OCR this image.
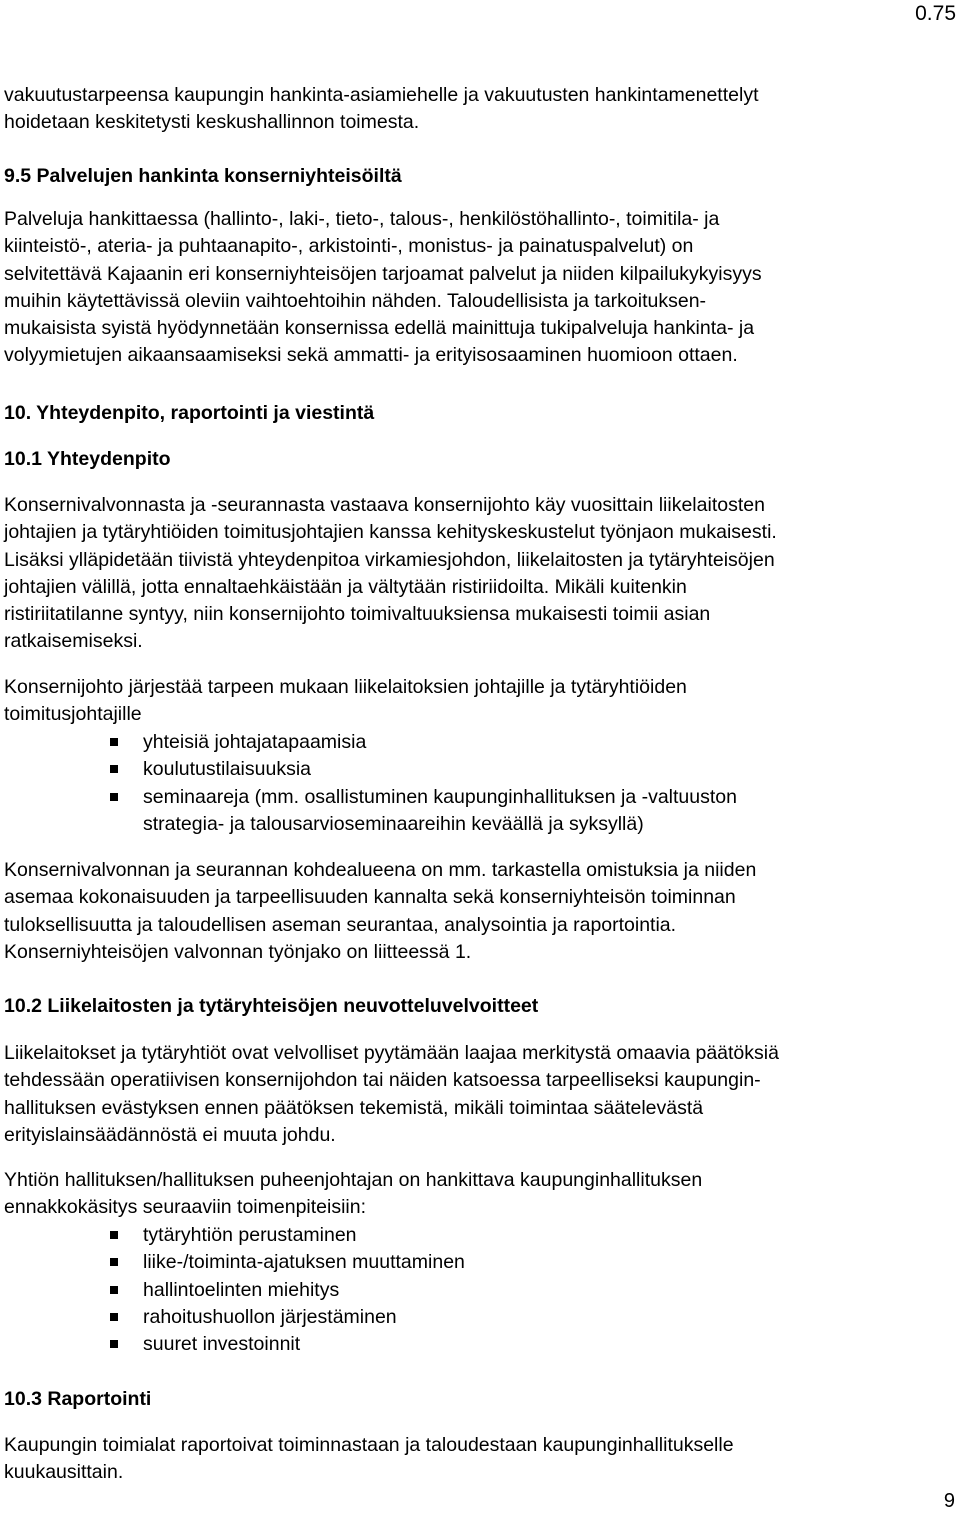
0.75
vakuutustarpeensa kaupungin hankinta-asiamiehelle ja vakuutusten hankintamenettelyt
hoidetaan keskitetysti keskushallinnon toimesta.
9.5 Palvelujen hankinta konserniyhteisöiltä
Palveluja hankittaessa (hallinto-, laki-, tieto-, talous-, henkilöstöhallinto-, toimitila- ja
kiinteistö-, ateria- ja puhtaanapito-, arkistointi-, monistus- ja painatuspalvelut) on
selvitettävä Kajaanin eri konserniyhteisöjen tarjoamat palvelut ja niiden kilpailukykyisyys
muihin käytettävissä oleviin vaihtoehtoihin nähden. Taloudellisista ja tarkoituksen-
mukaisista syistä hyödynnetään konsernissa edellä mainittuja tukipalveluja hankinta- ja
volyymietujen aikaansaamiseksi sekä ammatti- ja erityisosaaminen huomioon ottaen.
10. Yhteydenpito, raportointi ja viestintä
10.1 Yhteydenpito
Konsernivalvonnasta ja -seurannasta vastaava konsernijohto käy vuosittain liikelaitosten
johtajien ja tytäryhtiöiden toimitusjohtajien kanssa kehityskeskustelut työnjaon mukaisesti.
Lisäksi ylläpidetään tiivistä yhteydenpitoa virkamiesjohdon, liikelaitosten ja tytäryhteisöjen
johtajien välillä, jotta ennaltaehkäistään ja vältytään ristiriidoilta. Mikäli kuitenkin
ristiriitatilanne syntyy, niin konsernijohto toimivaltuuksiensa mukaisesti toimii asian
ratkaisemiseksi.
Konsernijohto järjestää tarpeen mukaan liikelaitoksien johtajille ja tytäryhtiöiden
toimitusjohtajille
yhteisiä johtajatapaamisia
koulutustilaisuuksia
seminaareja (mm. osallistuminen kaupunginhallituksen ja -valtuuston
strategia- ja talousarvioseminaareihin keväällä ja syksyllä)
Konsernivalvonnan ja seurannan kohdealueena on mm. tarkastella omistuksia ja niiden
asemaa kokonaisuuden ja tarpeellisuuden kannalta sekä konserniyhteisön toiminnan
tuloksellisuutta ja taloudellisen aseman seurantaa, analysointia ja raportointia.
Konserniyhteisöjen valvonnan työnjako on liitteessä 1.
10.2 Liikelaitosten ja tytäryhteisöjen neuvotteluvelvoitteet
Liikelaitokset ja tytäryhtiöt ovat velvolliset pyytämään laajaa merkitystä omaavia päätöksiä
tehdessään operatiivisen konsernijohdon tai näiden katsoessa tarpeelliseksi kaupungin-
hallituksen evästyksen ennen päätöksen tekemistä, mikäli toimintaa säätelevästä
erityislainsäädännöstä ei muuta johdu.
Yhtiön hallituksen/hallituksen puheenjohtajan on hankittava kaupunginhallituksen
ennakkokäsitys seuraaviin toimenpiteisiin:
tytäryhtiön perustaminen
liike-/toiminta-ajatuksen muuttaminen
hallintoelinten miehitys
rahoitushuollon järjestäminen
suuret investoinnit
10.3 Raportointi
Kaupungin toimialat raportoivat toiminnastaan ja taloudestaan kaupunginhallitukselle
kuukausittain.
9
